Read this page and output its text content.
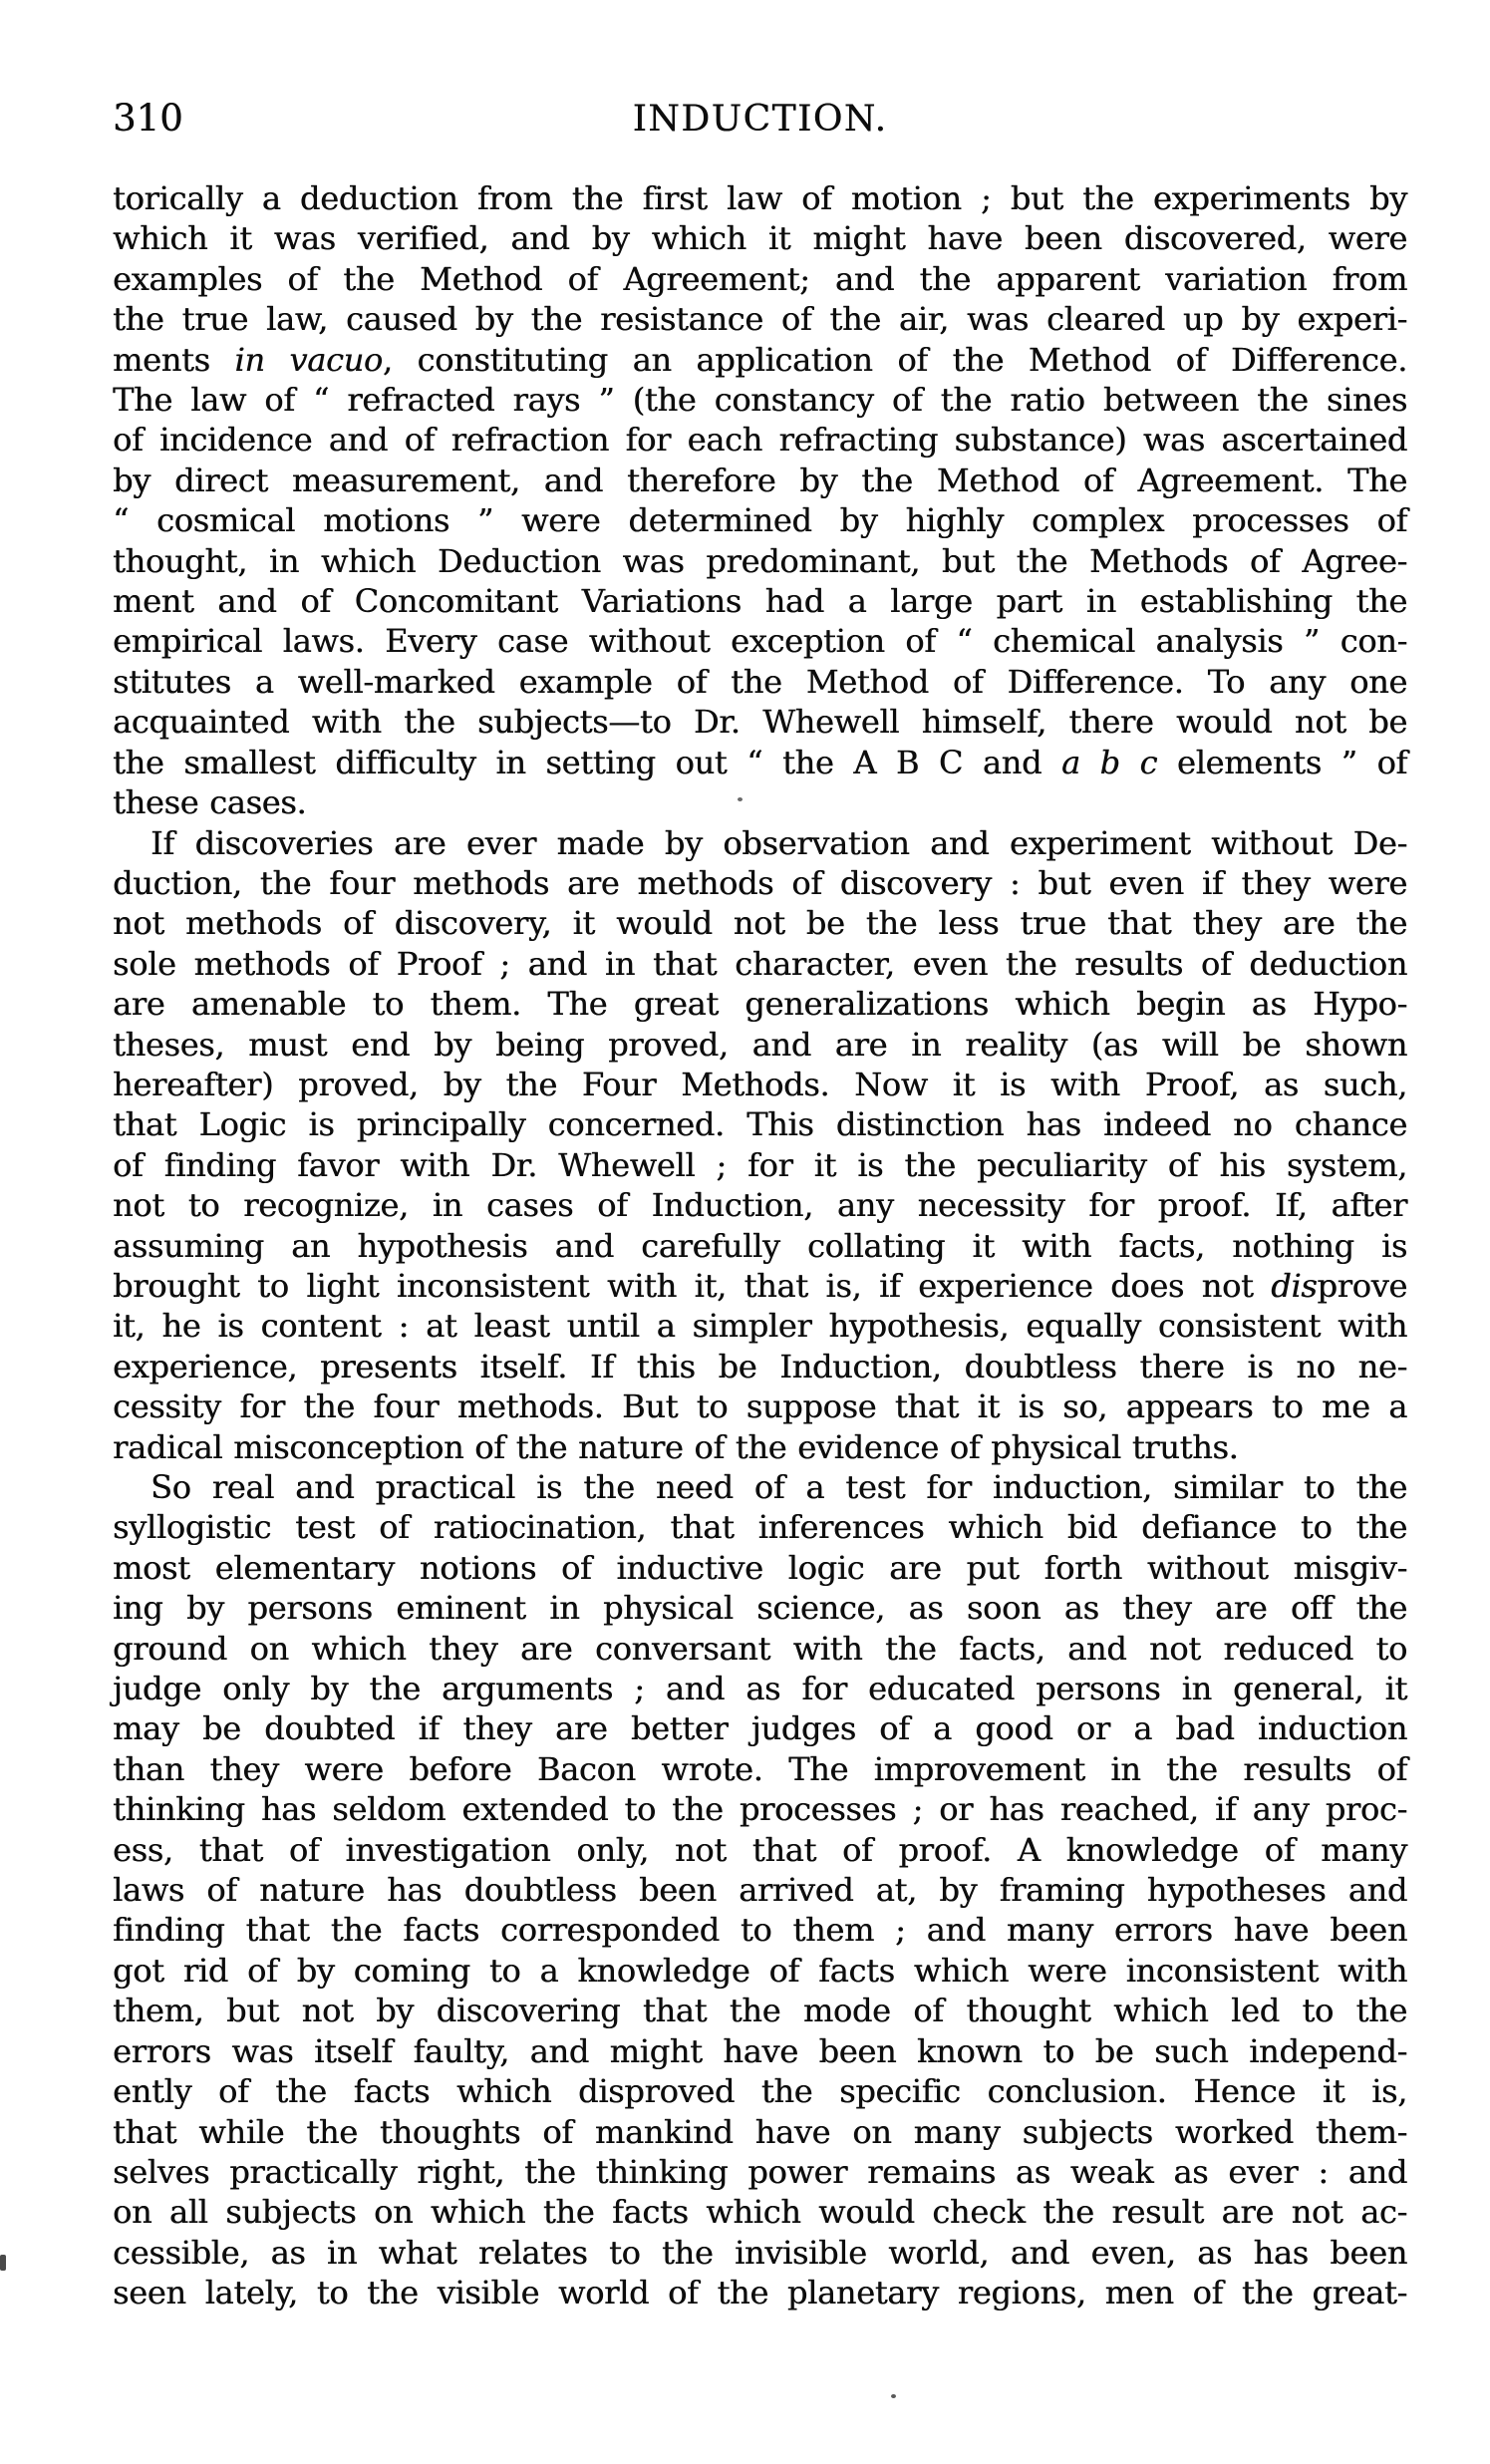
310	INDUCTION.
torically a deduction from the first law of motion ; but the experiments by
which it was verified, and by which it might have been discovered, were
examples of the Method of Agreement; and the apparent variation from
the true law, caused by the resistance of the air, was cleared up by experi-
ments in vacuo, constituting an application of the Method of Difference.
The law of “ refracted rays ” (the constancy of the ratio between the sines
of incidence and of refraction for each refracting substance) was ascertained
by direct measurement, and therefore by the Method of Agreement. The
“ cosmical motions ” were determined by highly complex processes of
thought, in which Deduction was predominant, but the Methods of Agree-
ment and of Concomitant Variations had a large part in establishing the
empirical laws. Every case without exception of “ chemical analysis ” con-
stitutes a well-marked example of the Method of Difference. To any one
acquainted with the subjects—to Dr. Whewell himself, there would not be
the smallest difficulty in setting out “ the A B C and a b c elements ” of
these cases.
If discoveries are ever made by observation and experiment without De-
duction, the four methods are methods of discovery : but even if they were
not methods of discovery, it would not be the less true that they are the
sole methods of Proof ; and in that character, even the results of deduction
are amenable to them. The great generalizations which begin as Hypo-
theses, must end by being proved, and are in reality (as will be shown
hereafter) proved, by the Four Methods. Now it is with Proof, as such,
that Logic is principally concerned. This distinction has indeed no chance
of finding favor with Dr. Whewell ; for it is the peculiarity of his system,
not to recognize, in cases of Induction, any necessity for proof. If, after
assuming an hypothesis and carefully collating it with facts, nothing is
brought to light inconsistent with it, that is, if experience does not disprove
it, he is content : at least until a simpler hypothesis, equally consistent with
experience, presents itself. If this be Induction, doubtless there is no ne-
cessity for the four methods. But to suppose that it is so, appears to me a
radical misconception of the nature of the evidence of physical truths.
So real and practical is the need of a test for induction, similar to the
syllogistic test of ratiocination, that inferences which bid defiance to the
most elementary notions of inductive logic are put forth without misgiv-
ing by persons eminent in physical science, as soon as they are off the
ground on which they are conversant with the facts, and not reduced to
judge only by the arguments ; and as for educated persons in general, it
may be doubted if they are better judges of a good or a bad induction
than they were before Bacon wrote. The improvement in the results of
thinking has seldom extended to the processes ; or has reached, if any proc-
ess, that of investigation only, not that of proof. A knowledge of many
laws of nature has doubtless been arrived at, by framing hypotheses and
finding that the facts corresponded to them ; and many errors have been
got rid of by coming to a knowledge of facts which were inconsistent with
them, but not by discovering that the mode of thought which led to the
errors was itself faulty, and might have been known to be such independ-
ently of the facts which disproved the specific conclusion. Hence it is,
that while the thoughts of mankind have on many subjects worked them-
selves practically right, the thinking power remains as weak as ever : and
on all subjects on which the facts which would check the result are not ac-
cessible, as in what relates to the invisible world, and even, as has been
seen lately, to the visible world of the planetary regions, men of the great-
